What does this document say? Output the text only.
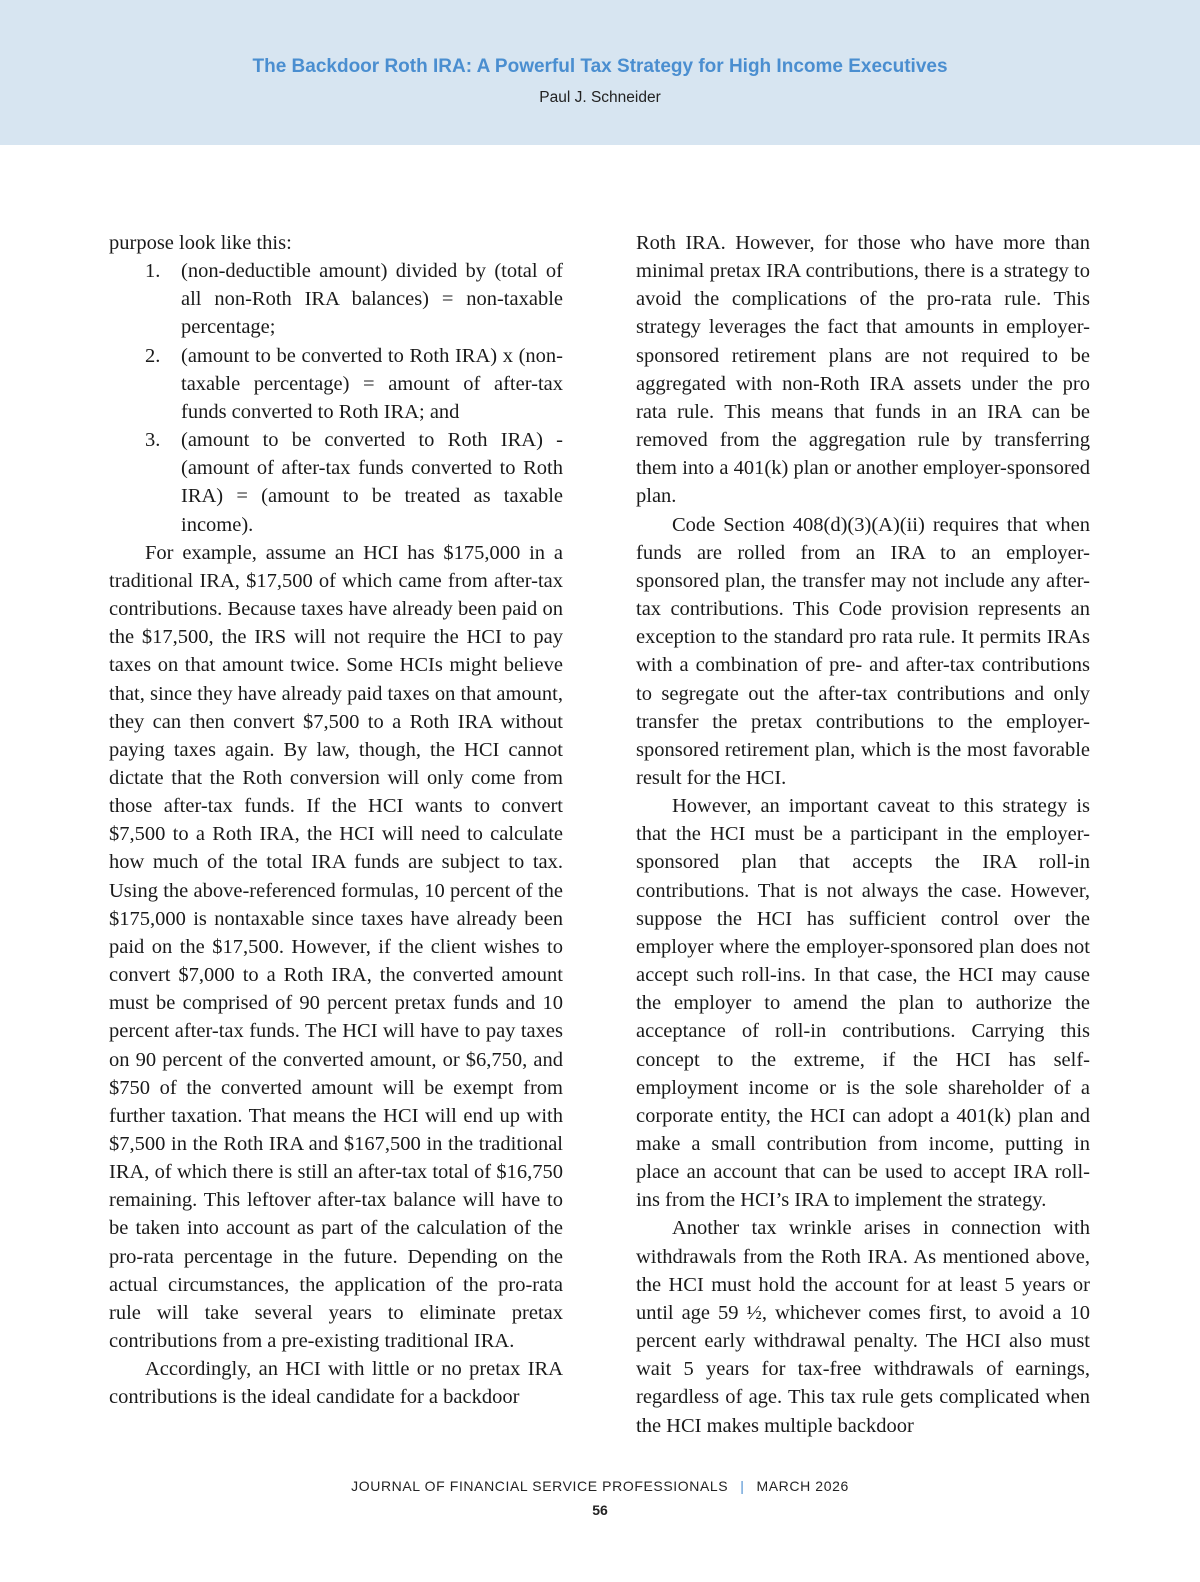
The Backdoor Roth IRA: A Powerful Tax Strategy for High Income Executives
Paul J. Schneider

purpose look like this:

1. (non-deductible amount) divided by (total of all non-Roth IRA balances) = non-taxable percentage;
2. (amount to be converted to Roth IRA) x (non-taxable percentage) = amount of after-tax funds converted to Roth IRA; and
3. (amount to be converted to Roth IRA) - (amount of after-tax funds converted to Roth IRA) = (amount to be treated as taxable income).

For example, assume an HCI has $175,000 in a traditional IRA, $17,500 of which came from after-tax contributions. Because taxes have already been paid on the $17,500, the IRS will not require the HCI to pay taxes on that amount twice. Some HCIs might believe that, since they have already paid taxes on that amount, they can then convert $7,500 to a Roth IRA without paying taxes again. By law, though, the HCI cannot dictate that the Roth conversion will only come from those after-tax funds. If the HCI wants to convert $7,500 to a Roth IRA, the HCI will need to calculate how much of the total IRA funds are subject to tax. Using the above-referenced formulas, 10 percent of the $175,000 is nontaxable since taxes have already been paid on the $17,500. However, if the client wishes to convert $7,000 to a Roth IRA, the converted amount must be comprised of 90 percent pretax funds and 10 percent after-tax funds. The HCI will have to pay taxes on 90 percent of the converted amount, or $6,750, and $750 of the converted amount will be exempt from further taxation. That means the HCI will end up with $7,500 in the Roth IRA and $167,500 in the traditional IRA, of which there is still an after-tax total of $16,750 remaining. This leftover after-tax balance will have to be taken into account as part of the calculation of the pro-rata percentage in the future. Depending on the actual circumstances, the application of the pro-rata rule will take several years to eliminate pretax contributions from a pre-existing traditional IRA.

Accordingly, an HCI with little or no pretax IRA contributions is the ideal candidate for a backdoor

Roth IRA. However, for those who have more than minimal pretax IRA contributions, there is a strategy to avoid the complications of the pro-rata rule. This strategy leverages the fact that amounts in employer-sponsored retirement plans are not required to be aggregated with non-Roth IRA assets under the pro rata rule. This means that funds in an IRA can be removed from the aggregation rule by transferring them into a 401(k) plan or another employer-sponsored plan.

Code Section 408(d)(3)(A)(ii) requires that when funds are rolled from an IRA to an employer-sponsored plan, the transfer may not include any after-tax contributions. This Code provision represents an exception to the standard pro rata rule. It permits IRAs with a combination of pre- and after-tax contributions to segregate out the after-tax contributions and only transfer the pretax contributions to the employer-sponsored retirement plan, which is the most favorable result for the HCI.

However, an important caveat to this strategy is that the HCI must be a participant in the employer-sponsored plan that accepts the IRA roll-in contributions. That is not always the case. However, suppose the HCI has sufficient control over the employer where the employer-sponsored plan does not accept such roll-ins. In that case, the HCI may cause the employer to amend the plan to authorize the acceptance of roll-in contributions. Carrying this concept to the extreme, if the HCI has self-employment income or is the sole shareholder of a corporate entity, the HCI can adopt a 401(k) plan and make a small contribution from income, putting in place an account that can be used to accept IRA roll-ins from the HCI’s IRA to implement the strategy.

Another tax wrinkle arises in connection with withdrawals from the Roth IRA. As mentioned above, the HCI must hold the account for at least 5 years or until age 59 ½, whichever comes first, to avoid a 10 percent early withdrawal penalty. The HCI also must wait 5 years for tax-free withdrawals of earnings, regardless of age. This tax rule gets complicated when the HCI makes multiple backdoor

JOURNAL OF FINANCIAL SERVICE PROFESSIONALS | MARCH 2026
56
